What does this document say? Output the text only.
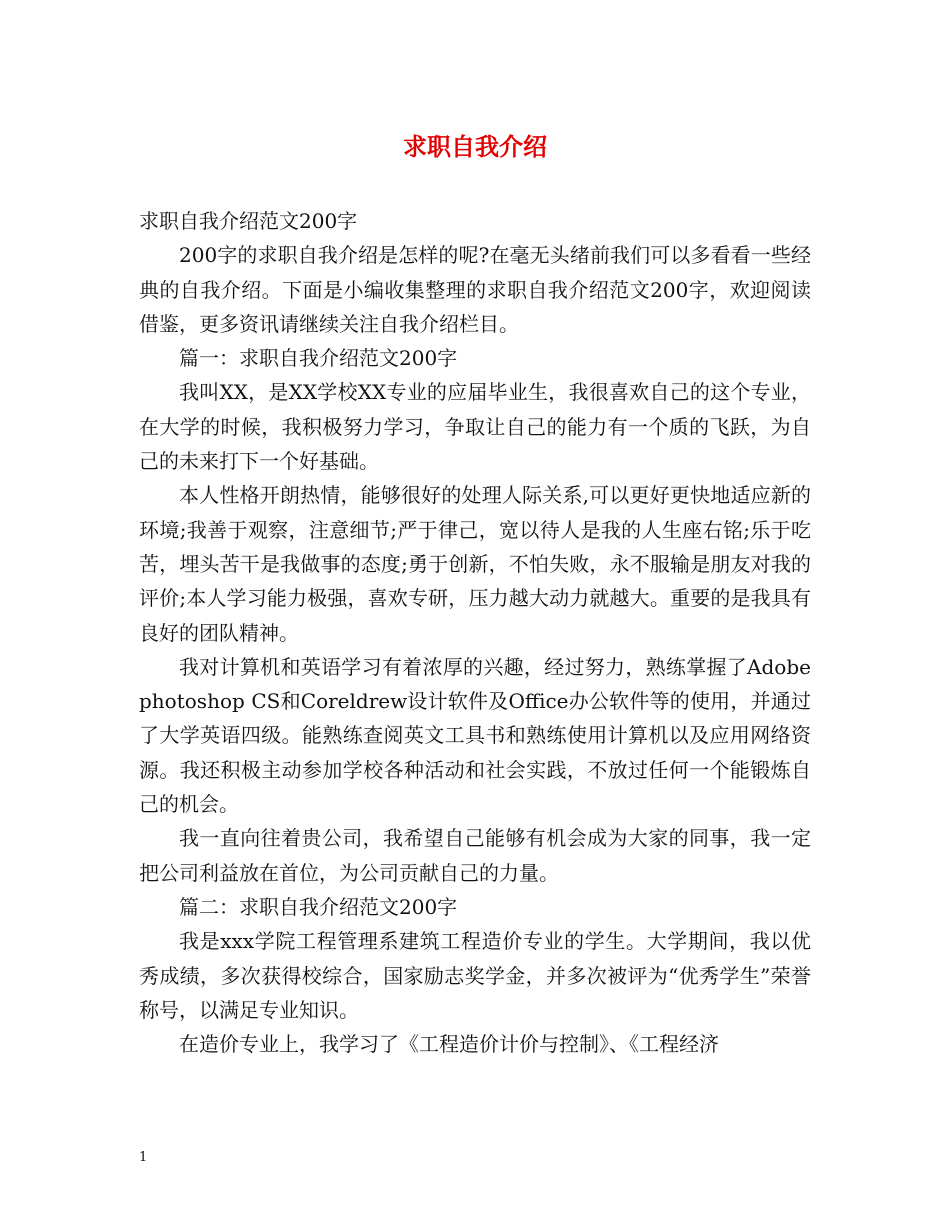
求职自我介绍

求职自我介绍范文200字

200字的求职自我介绍是怎样的呢?在毫无头绪前我们可以多看看一些经典的自我介绍。下面是小编收集整理的求职自我介绍范文200字，欢迎阅读借鉴，更多资讯请继续关注自我介绍栏目。

篇一：求职自我介绍范文200字

我叫XX，是XX学校XX专业的应届毕业生，我很喜欢自己的这个专业，在大学的时候，我积极努力学习，争取让自己的能力有一个质的飞跃，为自己的未来打下一个好基础。

本人性格开朗热情，能够很好的处理人际关系,可以更好更快地适应新的环境;我善于观察，注意细节;严于律己，宽以待人是我的人生座右铭;乐于吃苦，埋头苦干是我做事的态度;勇于创新，不怕失败，永不服输是朋友对我的评价;本人学习能力极强，喜欢专研，压力越大动力就越大。重要的是我具有良好的团队精神。

我对计算机和英语学习有着浓厚的兴趣，经过努力，熟练掌握了Adobe photoshop CS和Coreldrew设计软件及Office办公软件等的使用，并通过了大学英语四级。能熟练查阅英文工具书和熟练使用计算机以及应用网络资源。我还积极主动参加学校各种活动和社会实践，不放过任何一个能锻炼自己的机会。

我一直向往着贵公司，我希望自己能够有机会成为大家的同事，我一定把公司利益放在首位，为公司贡献自己的力量。

篇二：求职自我介绍范文200字

我是xxx学院工程管理系建筑工程造价专业的学生。大学期间，我以优秀成绩，多次获得校综合，国家励志奖学金，并多次被评为“优秀学生”荣誉称号，以满足专业知识。

在造价专业上，我学习了《工程造价计价与控制》、《工程经济

1
